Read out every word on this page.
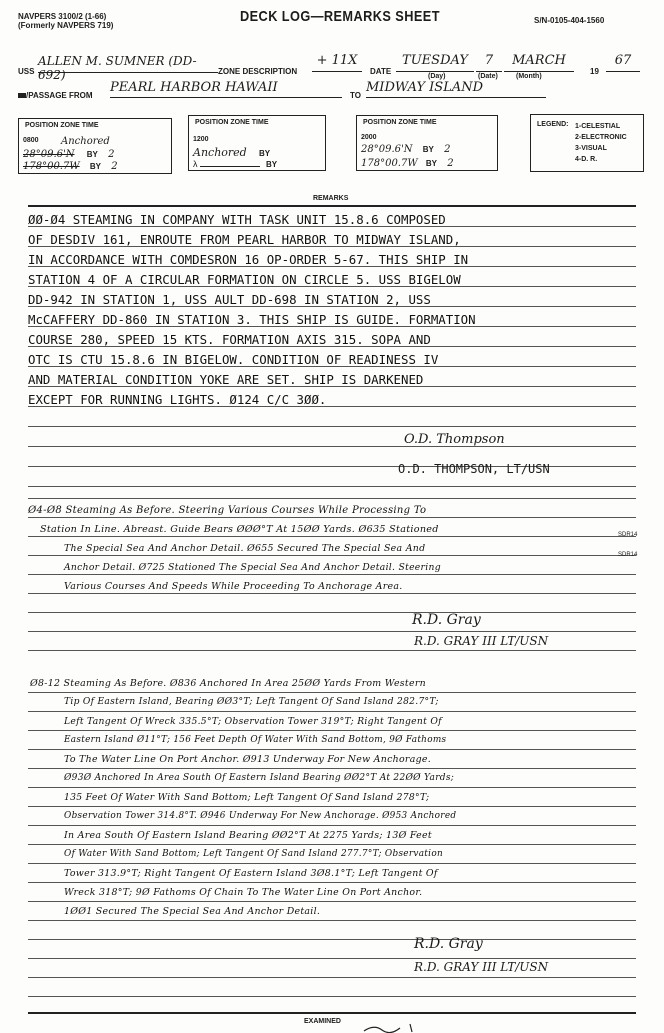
NAVPERS 3100/2 (1-66)
(Formerly NAVPERS 719)
DECK LOG—REMARKS SHEET	S/N-0105-404-1560
USS
ALLEN M. SUMNER (DD-692)	ZONE DESCRIPTION
+ 11X
DATE
TUESDAY	7	MARCH
19
67
(Day)	(Date)	(Month)
/PASSAGE FROM
PEARL HARBOR HAWAII
TO
MIDWAY ISLAND
POSITION ZONE TIME
0800 Anchored
28°09.6'N BY 2
178°00.7W BY 2
POSITION ZONE TIME
1200
Anchored BY
λ	BY
POSITION ZONE TIME
2000
28°09.6'N BY 2
178°00.7W BY 2
LEGEND: 1-CELESTIAL
2-ELECTRONIC
3-VISUAL
4-D. R.
REMARKS
ØØ-Ø4 STEAMING IN COMPANY WITH TASK UNIT 15.8.6 COMPOSED
OF DESDIV 161, ENROUTE FROM PEARL HARBOR TO MIDWAY ISLAND,
IN ACCORDANCE WITH COMDESRON 16 OP-ORDER 5-67. THIS SHIP IN
STATION 4 OF A CIRCULAR FORMATION ON CIRCLE 5. USS BIGELOW
DD-942 IN STATION 1, USS AULT DD-698 IN STATION 2, USS
McCAFFERY DD-860 IN STATION 3. THIS SHIP IS GUIDE. FORMATION
COURSE 280, SPEED 15 KTS. FORMATION AXIS 315. SOPA AND
OTC IS CTU 15.8.6 IN BIGELOW. CONDITION OF READINESS IV
AND MATERIAL CONDITION YOKE ARE SET. SHIP IS DARKENED
EXCEPT FOR RUNNING LIGHTS. Ø124 C/C 3ØØ.
O.D. Thompson
O.D. THOMPSON, LT/USN
Ø4-Ø8 Steaming As Before. Steering Various Courses While Processing To
Station In Line. Abreast. Guide Bears ØØØ°T At 15ØØ Yards. Ø635 Stationed
The Special Sea And Anchor Detail. Ø655 Secured The Special Sea And
Anchor Detail. Ø725 Stationed The Special Sea And Anchor Detail. Steering
Various Courses And Speeds While Proceeding To Anchorage Area.
SDR14
SDR14
R.D. Gray
R.D. GRAY III LT/USN
Ø8-12 Steaming As Before. Ø836 Anchored In Area 25ØØ Yards From Western
Tip Of Eastern Island, Bearing ØØ3°T; Left Tangent Of Sand Island 282.7°T;
Left Tangent Of Wreck 335.5°T; Observation Tower 319°T; Right Tangent Of
Eastern Island Ø11°T; 156 Feet Depth Of Water With Sand Bottom, 9Ø Fathoms
To The Water Line On Port Anchor. Ø913 Underway For New Anchorage.
Ø93Ø Anchored In Area South Of Eastern Island Bearing ØØ2°T At 22ØØ Yards;
135 Feet Of Water With Sand Bottom; Left Tangent Of Sand Island 278°T;
Observation Tower 314.8°T. Ø946 Underway For New Anchorage. Ø953 Anchored
In Area South Of Eastern Island Bearing ØØ2°T At 2275 Yards; 13Ø Feet
Of Water With Sand Bottom; Left Tangent Of Sand Island 277.7°T; Observation
Tower 313.9°T; Right Tangent Of Eastern Island 3Ø8.1°T; Left Tangent Of
Wreck 318°T; 9Ø Fathoms Of Chain To The Water Line On Port Anchor.
1ØØ1 Secured The Special Sea And Anchor Detail.
R.D. Gray
R.D. GRAY III LT/USN
EXAMINED
